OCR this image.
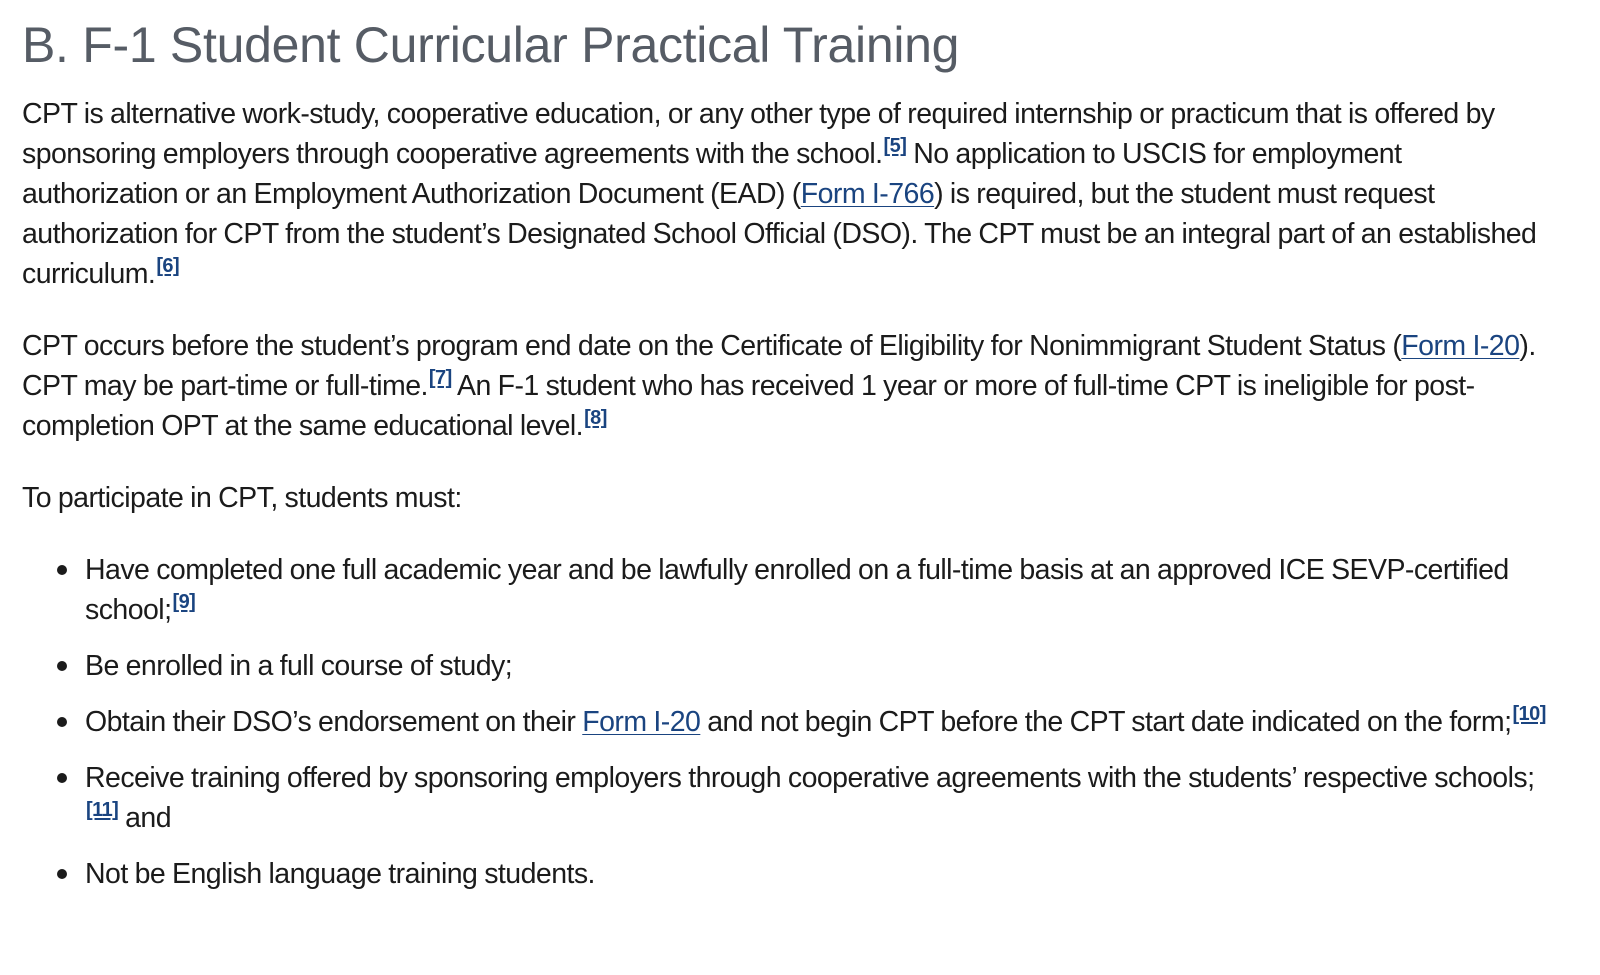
B. F-1 Student Curricular Practical Training

CPT is alternative work-study, cooperative education, or any other type of required internship or practicum that is offered by sponsoring employers through cooperative agreements with the school.[5] No application to USCIS for employment authorization or an Employment Authorization Document (EAD) (Form I-766) is required, but the student must request authorization for CPT from the student’s Designated School Official (DSO). The CPT must be an integral part of an established curriculum.[6]

CPT occurs before the student’s program end date on the Certificate of Eligibility for Nonimmigrant Student Status (Form I-20). CPT may be part-time or full-time.[7] An F-1 student who has received 1 year or more of full-time CPT is ineligible for post-completion OPT at the same educational level.[8]

To participate in CPT, students must:

Have completed one full academic year and be lawfully enrolled on a full-time basis at an approved ICE SEVP-certified school;[9]
Be enrolled in a full course of study;
Obtain their DSO’s endorsement on their Form I-20 and not begin CPT before the CPT start date indicated on the form;[10]
Receive training offered by sponsoring employers through cooperative agreements with the students’ respective schools;[11] and
Not be English language training students.
